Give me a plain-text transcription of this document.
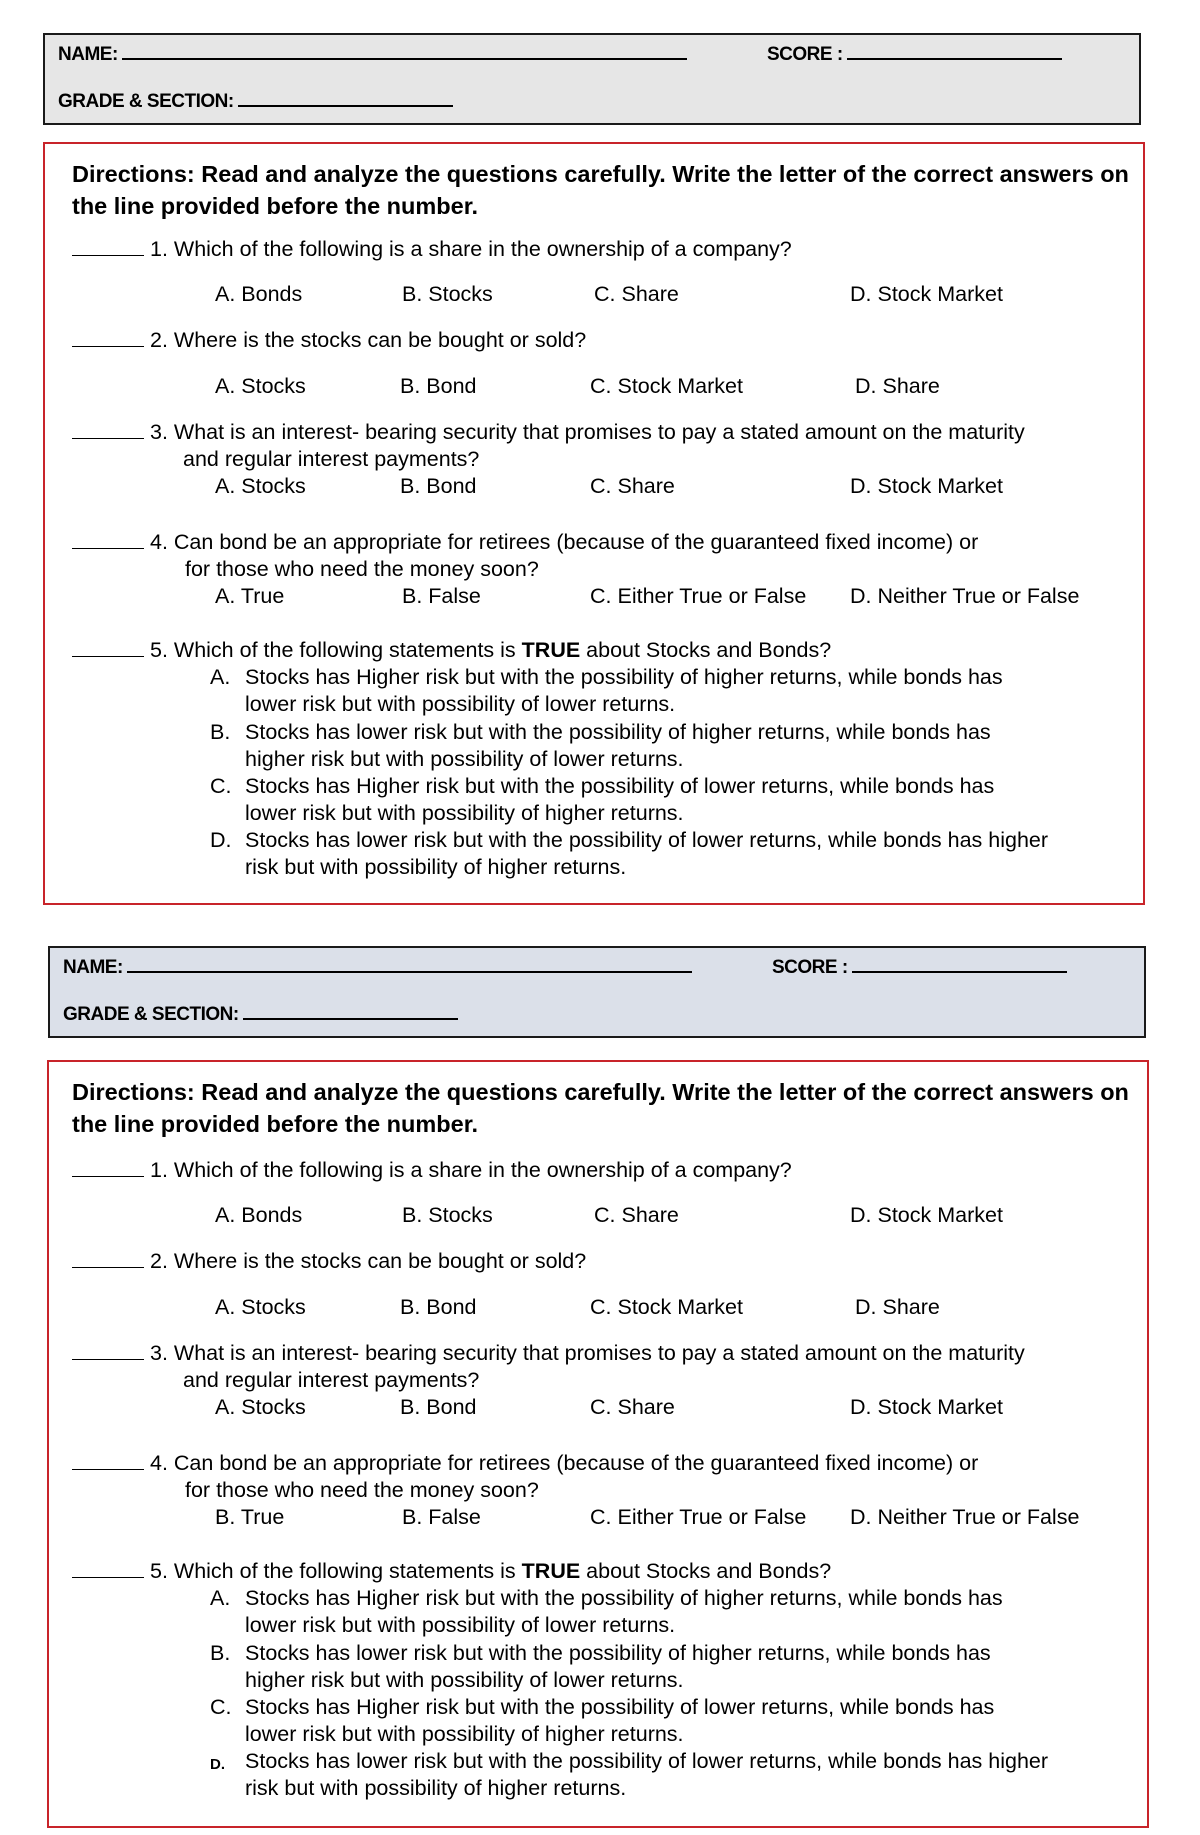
NAME:	SCORE :
GRADE & SECTION:
Directions: Read and analyze the questions carefully. Write the letter of the correct answers on the line provided before the number.
1. Which of the following is a share in the ownership of a company?
A. Bonds	B. Stocks	C. Share	D. Stock Market
2. Where is the stocks can be bought or sold?
A. Stocks	B. Bond	C. Stock Market	D. Share
3. What is an interest- bearing security that promises to pay a stated amount on the maturity
and regular interest payments?
A. Stocks	B. Bond	C. Share	D. Stock Market
4. Can bond be an appropriate for retirees (because of the guaranteed fixed income) or
for those who need the money soon?
A. True	B. False	C. Either True or False D. Neither True or False
5. Which of the following statements is TRUE about Stocks and Bonds?
A. Stocks has Higher risk but with the possibility of higher returns, while bonds has
lower risk but with possibility of lower returns.
B. Stocks has lower risk but with the possibility of higher returns, while bonds has
higher risk but with possibility of lower returns.
C. Stocks has Higher risk but with the possibility of lower returns, while bonds has
lower risk but with possibility of higher returns.
D. Stocks has lower risk but with the possibility of lower returns, while bonds has higher
risk but with possibility of higher returns.
NAME:	SCORE :
GRADE & SECTION:
Directions: Read and analyze the questions carefully. Write the letter of the correct answers on the line provided before the number.
1. Which of the following is a share in the ownership of a company?
A. Bonds	B. Stocks	C. Share	D. Stock Market
2. Where is the stocks can be bought or sold?
A. Stocks	B. Bond	C. Stock Market	D. Share
3. What is an interest- bearing security that promises to pay a stated amount on the maturity
and regular interest payments?
A. Stocks	B. Bond	C. Share	D. Stock Market
4. Can bond be an appropriate for retirees (because of the guaranteed fixed income) or
for those who need the money soon?
B. True	B. False	C. Either True or False D. Neither True or False
5. Which of the following statements is TRUE about Stocks and Bonds?
A. Stocks has Higher risk but with the possibility of higher returns, while bonds has
lower risk but with possibility of lower returns.
B. Stocks has lower risk but with the possibility of higher returns, while bonds has
higher risk but with possibility of lower returns.
C. Stocks has Higher risk but with the possibility of lower returns, while bonds has
lower risk but with possibility of higher returns.
D. Stocks has lower risk but with the possibility of lower returns, while bonds has higher
risk but with possibility of higher returns.
